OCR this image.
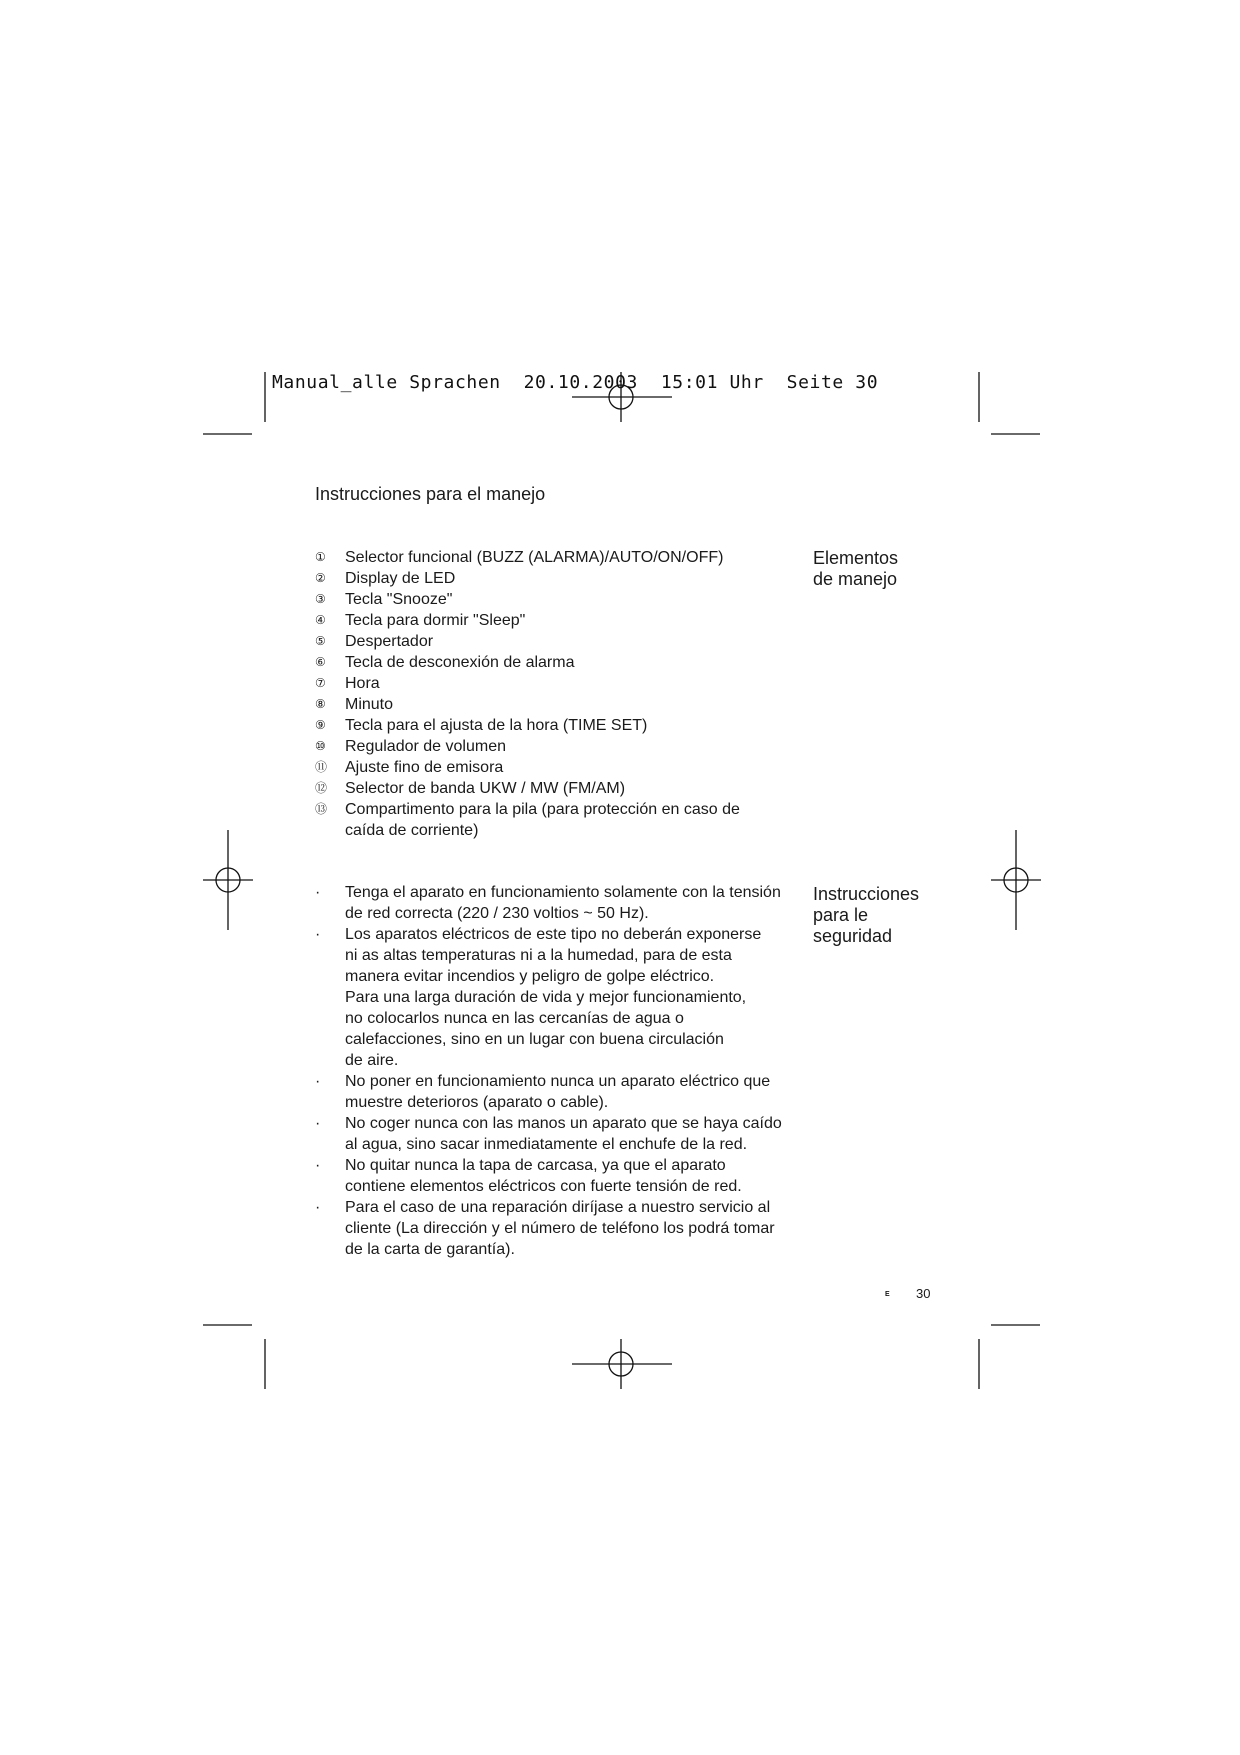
Manual_alle Sprachen  20.10.2003  15:01 Uhr  Seite 30
Instrucciones para el manejo
①	Selector funcional (BUZZ (ALARMA)/AUTO/ON/OFF)
②	Display de LED
③	Tecla "Snooze"
④	Tecla para dormir "Sleep"
⑤	Despertador
⑥	Tecla de desconexión de alarma
⑦	Hora
⑧	Minuto
⑨	Tecla para el ajusta de la hora (TIME SET)
⑩	Regulador de volumen
⑪	Ajuste fino de emisora
⑫	Selector de banda UKW / MW (FM/AM)
⑬	Compartimento para la pila (para protección en caso de
caída de corriente)
Elementos
de manejo
·	Tenga el aparato en funcionamiento solamente con la tensión
de red correcta (220 / 230 voltios ~ 50 Hz).
·	Los aparatos eléctricos de este tipo no deberán exponerse
ni as altas temperaturas ni a la humedad, para de esta
manera evitar incendios y peligro de golpe eléctrico.
Para una larga duración de vida y mejor funcionamiento,
no colocarlos nunca en las cercanías de agua o
calefacciones, sino en un lugar con buena circulación
de aire.
·	No poner en funcionamiento nunca un aparato eléctrico que
muestre deterioros (aparato o cable).
·	No coger nunca con las manos un aparato que se haya caído
al agua, sino sacar inmediatamente el enchufe de la red.
·	No quitar nunca la tapa de carcasa, ya que el aparato
contiene elementos eléctricos con fuerte tensión de red.
·	Para el caso de una reparación diríjase a nuestro servicio al
cliente (La dirección y el número de teléfono los podrá tomar
de la carta de garantía).
Instrucciones
para le
seguridad
E 30
